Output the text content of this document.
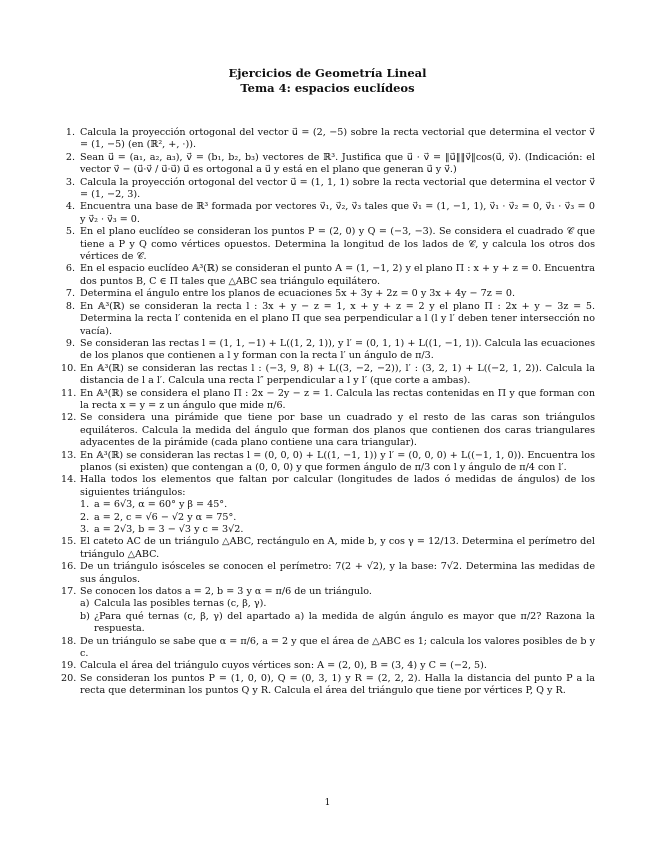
Ejercicios de Geometría Lineal
Tema 4: espacios euclídeos
1. Calcula la proyección ortogonal del vector u⃗ = (2, −5) sobre la recta vectorial que determina el vector v⃗ = (1, −5) (en (ℝ², +, ·)).
2. Sean u⃗ = (a₁, a₂, a₃), v⃗ = (b₁, b₂, b₃) vectores de ℝ³. Justifica que u⃗ · v⃗ = ‖u⃗‖‖v⃗‖cos(u⃗, v⃗). (Indicación: el vector v⃗ − (u⃗·v⃗ / u⃗·u⃗) u⃗ es ortogonal a u⃗ y está en el plano que generan u⃗ y v⃗.)
3. Calcula la proyección ortogonal del vector u⃗ = (1, 1, 1) sobre la recta vectorial que determina el vector v⃗ = (1, −2, 3).
4. Encuentra una base de ℝ³ formada por vectores v⃗₁, v⃗₂, v⃗₃ tales que v⃗₁ = (1, −1, 1), v⃗₁ · v⃗₂ = 0, v⃗₁ · v⃗₃ = 0 y v⃗₂ · v⃗₃ = 0.
5. En el plano euclídeo se consideran los puntos P = (2, 0) y Q = (−3, −3). Se considera el cuadrado 𝒞 que tiene a P y Q como vértices opuestos. Determina la longitud de los lados de 𝒞, y calcula los otros dos vértices de 𝒞.
6. En el espacio euclídeo 𝔸³(ℝ) se consideran el punto A = (1, −1, 2) y el plano Π : x + y + z = 0. Encuentra dos puntos B, C ∈ Π tales que △ABC sea triángulo equilátero.
7. Determina el ángulo entre los planos de ecuaciones 5x + 3y + 2z = 0 y 3x + 4y − 7z = 0.
8. En 𝔸³(ℝ) se consideran la recta l : 3x + y − z = 1, x + y + z = 2 y el plano Π : 2x + y − 3z = 5. Determina la recta l′ contenida en el plano Π que sea perpendicular a l (l y l′ deben tener intersección no vacía).
9. Se consideran las rectas l = (1, 1, −1) + L((1, 2, 1)), y l′ = (0, 1, 1) + L((1, −1, 1)). Calcula las ecuaciones de los planos que contienen a l y forman con la recta l′ un ángulo de π/3.
10. En 𝔸³(ℝ) se consideran las rectas l : (−3, 9, 8) + L((3, −2, −2)), l′ : (3, 2, 1) + L((−2, 1, 2)). Calcula la distancia de l a l′. Calcula una recta l″ perpendicular a l y l′ (que corte a ambas).
11. En 𝔸³(ℝ) se considera el plano Π : 2x − 2y − z = 1. Calcula las rectas contenidas en Π y que forman con la recta x = y = z un ángulo que mide π/6.
12. Se considera una pirámide que tiene por base un cuadrado y el resto de las caras son triángulos equiláteros. Calcula la medida del ángulo que forman dos planos que contienen dos caras triangulares adyacentes de la pirámide (cada plano contiene una cara triangular).
13. En 𝔸³(ℝ) se consideran las rectas l = (0, 0, 0) + L((1, −1, 1)) y l′ = (0, 0, 0) + L((−1, 1, 0)). Encuentra los planos (si existen) que contengan a (0, 0, 0) y que formen ángulo de π/3 con l y ángulo de π/4 con l′.
14. Halla todos los elementos que faltan por calcular (longitudes de lados ó medidas de ángulos) de los siguientes triángulos:
1. a = 6√3, α = 60° y β = 45°.
2. a = 2, c = √6 − √2 y α = 75°.
3. a = 2√3, b = 3 − √3 y c = 3√2.
15. El cateto AC de un triángulo △ABC, rectángulo en A, mide b, y cos γ = 12/13. Determina el perímetro del triángulo △ABC.
16. De un triángulo isósceles se conocen el perímetro: 7(2 + √2), y la base: 7√2. Determina las medidas de sus ángulos.
17. Se conocen los datos a = 2, b = 3 y α = π/6 de un triángulo.
a) Calcula las posibles ternas (c, β, γ).
b) ¿Para qué ternas (c, β, γ) del apartado a) la medida de algún ángulo es mayor que π/2? Razona la respuesta.
18. De un triángulo se sabe que α = π/6, a = 2 y que el área de △ABC es 1; calcula los valores posibles de b y c.
19. Calcula el área del triángulo cuyos vértices son: A = (2, 0), B = (3, 4) y C = (−2, 5).
20. Se consideran los puntos P = (1, 0, 0), Q = (0, 3, 1) y R = (2, 2, 2). Halla la distancia del punto P a la recta que determinan los puntos Q y R. Calcula el área del triángulo que tiene por vértices P, Q y R.
1
